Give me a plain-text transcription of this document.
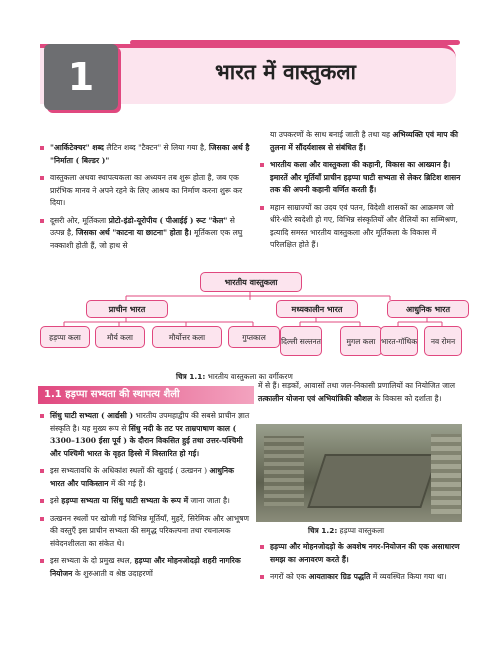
1	भारत में वास्तुकला
"आर्किटेक्चर" शब्द लैटिन शब्द "टैक्टन" से लिया गया है, जिसका अर्थ है "निर्माता ( बिल्डर )"
वास्तुकला अथवा स्थापत्यकला का अध्ययन तब शुरू होता है, जब एक प्रारंभिक मानव ने अपने रहने के लिए आश्रय का निर्माण करना शुरू कर दिया।
दूसरी ओर, मूर्तिकला प्रोटो-इंडो-यूरोपीय ( पीआईई ) रूट "केल" से उत्पन्न है, जिसका अर्थ "काटना या छाटना" होता है। मूर्तिकला एक लघु नक्काशी होती हैं, जो हाथ से
या उपकरणों के साथ बनाई जाती है तथा यह अभिव्यक्ति एवं माप की तुलना में सौंदर्यशास्त्र से संबंधित हैं।
भारतीय कला और वास्तुकला की कहानी, विकास का आख्यान है। इमारतें और मूर्तियाँ प्राचीन हड़प्पा घाटी सभ्यता से लेकर ब्रिटिश शासन तक की अपनी कहानी वर्णित करती हैं।
महान साम्राज्यों का उदय एवं पतन, विदेशी शासकों का आक्रमण जो धीरे-धीरे स्वदेशी हो गए, विभिन्न संस्कृतियों और शैलियों का सम्मिश्रण, इत्यादि समस्त भारतीय वास्तुकला और मूर्तिकला के विकास में परिलक्षित होते हैं।
भारतीय वास्तुकला
प्राचीन भारत	मध्यकालीन भारत	आधुनिक भारत
हड़प्पा कला	मौर्य कला	मौर्योत्तर कला	गुप्तकाल	दिल्ली सल्तनत	मुगल कला भारत-गॉथिक	नव रोमन
चित्र 1.1: भारतीय वास्तुकला का वर्गीकरण
1.1 हड़प्पा सभ्यता की स्थापत्य शैली
सिंधु घाटी सभ्यता ( आर्द्यसी ) भारतीय उपमहाद्वीप की सबसे प्राचीन ज्ञात संस्कृति है। यह मुख्य रूप से सिंधु नदी के तट पर ताम्रपाषाण काल ( 3300–1300 ईसा पूर्व ) के दौरान विकसित हुई तथा उत्तर-पश्चिमी और पश्चिमी भारत के वृहत हिस्से में विस्तारित हो गई।
इस सभ्यतावधि के अधिकांश स्थलों की खुदाई ( उत्खनन ) आधुनिक भारत और पाकिस्तान में की गई है।
इसे हड़प्पा सभ्यता या सिंधु घाटी सभ्यता के रूप में जाना जाता है।
उत्खनन स्थलों पर खोजी गई विभिन्न मूर्तियाँ, मुहरें, सिरेमिक और आभूषण की वस्तुएँ इस प्राचीन सभ्यता की समृद्ध परिकल्पना तथा रचनात्मक संवेदनशीलता का संकेत थे।
इस सभ्यता के दो प्रमुख स्थल, हड़प्पा और मोहनजोदड़ो शहरी नागरिक नियोजन के शुरुआती व श्रेष्ठ उदाहरणों
में से हैं। सड़कों, आवासों तथा जल-निकासी प्रणालियों का नियोजित जाल तत्कालीन योजना एवं अभियांत्रिकी कौशल के विकास को दर्शाता है।
चित्र 1.2: हड़प्पा वास्तुकला
हड़प्पा और मोहनजोदड़ो के अवशेष नगर-नियोजन की एक असाधारण समझ का अनावरण करते हैं।
नगरों को एक आयताकार ग्रिड पद्धति में व्यवस्थित किया गया था।
